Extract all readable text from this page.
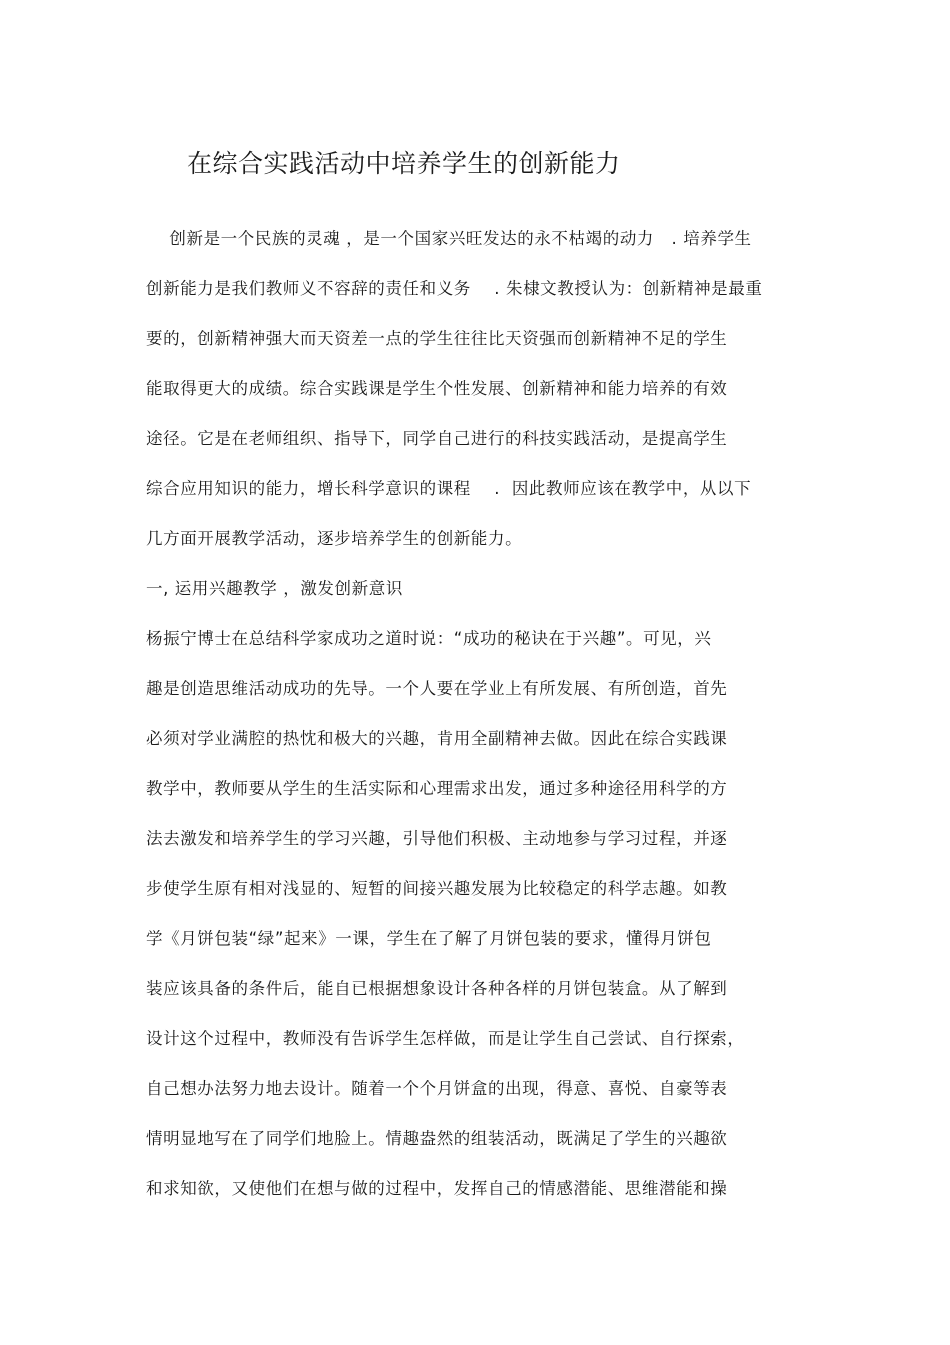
在综合实践活动中培养学生的创新能力
创新是一个民族的灵魂 ，是一个国家兴旺发达的永不枯竭的动力   . 培养学生
创新能力是我们教师义不容辞的责任和义务    . 朱棣文教授认为：创新精神是最重
要的，创新精神强大而天资差一点的学生往往比天资强而创新精神不足的学生
能取得更大的成绩。综合实践课是学生个性发展、创新精神和能力培养的有效
途径。它是在老师组织、指导下，同学自己进行的科技实践活动，是提高学生
综合应用知识的能力，增长科学意识的课程    .  因此教师应该在教学中，从以下
几方面开展教学活动，逐步培养学生的创新能力。
一, 运用兴趣教学 ，激发创新意识
杨振宁博士在总结科学家成功之道时说：“成功的秘诀在于兴趣”。可见，兴
趣是创造思维活动成功的先导。一个人要在学业上有所发展、有所创造，首先
必须对学业满腔的热忱和极大的兴趣，肯用全副精神去做。因此在综合实践课
教学中，教师要从学生的生活实际和心理需求出发，通过多种途径用科学的方
法去激发和培养学生的学习兴趣，引导他们积极、主动地参与学习过程，并逐
步使学生原有相对浅显的、短暂的间接兴趣发展为比较稳定的科学志趣。如教
学《月饼包装“绿”起来》一课，学生在了解了月饼包装的要求，懂得月饼包
装应该具备的条件后，能自已根据想象设计各种各样的月饼包装盒。从了解到
设计这个过程中，教师没有告诉学生怎样做，而是让学生自己尝试、自行探索，
自己想办法努力地去设计。随着一个个月饼盒的出现，得意、喜悦、自豪等表
情明显地写在了同学们地脸上。情趣盎然的组装活动，既满足了学生的兴趣欲
和求知欲，又使他们在想与做的过程中，发挥自己的情感潜能、思维潜能和操
